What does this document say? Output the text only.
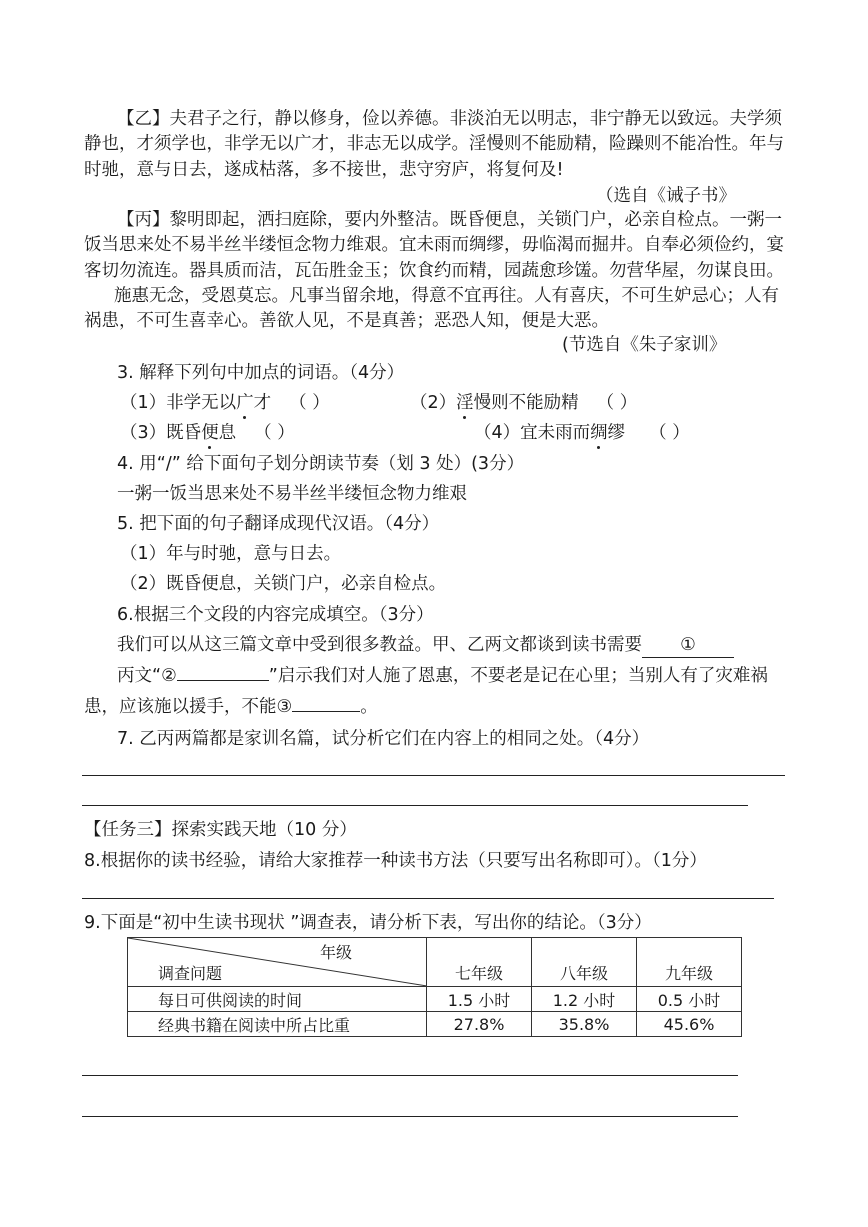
【乙】夫君子之行，静以修身，俭以养德。非淡泊无以明志，非宁静无以致远。夫学须
静也，才须学也，非学无以广才，非志无以成学。淫慢则不能励精，险躁则不能冶性。年与
时驰，意与日去，遂成枯落，多不接世，悲守穷庐，将复何及!
（选自《诫子书》
【丙】黎明即起，洒扫庭除，要内外整洁。既昏便息，关锁门户，必亲自检点。一粥一
饭当思来处不易半丝半缕恒念物力维艰。宜未雨而绸缪，毋临渴而掘井。自奉必须俭约，宴
客切勿流连。器具质而洁，瓦缶胜金玉；饮食约而精，园蔬愈珍馐。勿营华屋，勿谋良田。
施惠无念，受恩莫忘。凡事当留余地，得意不宜再往。人有喜庆，不可生妒忌心；人有
祸患，不可生喜幸心。善欲人见，不是真善；恶恐人知，便是大恶。
(节选自《朱子家训》
3. 解释下列句中加点的词语。（4分）
（1）非学无以广才 （ ）	（2）淫慢则不能励精 （ ）
（3）既昏便息 （ ）	（4）宜未雨而绸缪 （ ）
4. 用“/” 给下面句子划分朗读节奏（划 3 处）(3分）
一粥一饭当思来处不易半丝半缕恒念物力维艰
5. 把下面的句子翻译成现代汉语。（4分）
（1）年与时驰，意与日去。
（2）既昏便息，关锁门户，必亲自检点。
6.根据三个文段的内容完成填空。（3分）
我们可以从这三篇文章中受到很多教益。甲、乙两文都谈到读书需要 ①
丙文“②	”启示我们对人施了恩惠，不要老是记在心里；当别人有了灾难祸
患，应该施以援手，不能③	。
7. 乙丙两篇都是家训名篇，试分析它们在内容上的相同之处。（4分）
【任务三】探索实践天地（10 分）
8.根据你的读书经验，请给大家推荐一种读书方法（只要写出名称即可）。（1分）
9.下面是“初中生读书现状 ”调查表，请分析下表，写出你的结论。（3分）
年级
调查问题	七年级	八年级	九年级
每日可供阅读的时间	1.5 小时	1.2 小时	0.5 小时
经典书籍在阅读中所占比重	27.8%	35.8%	45.6%
